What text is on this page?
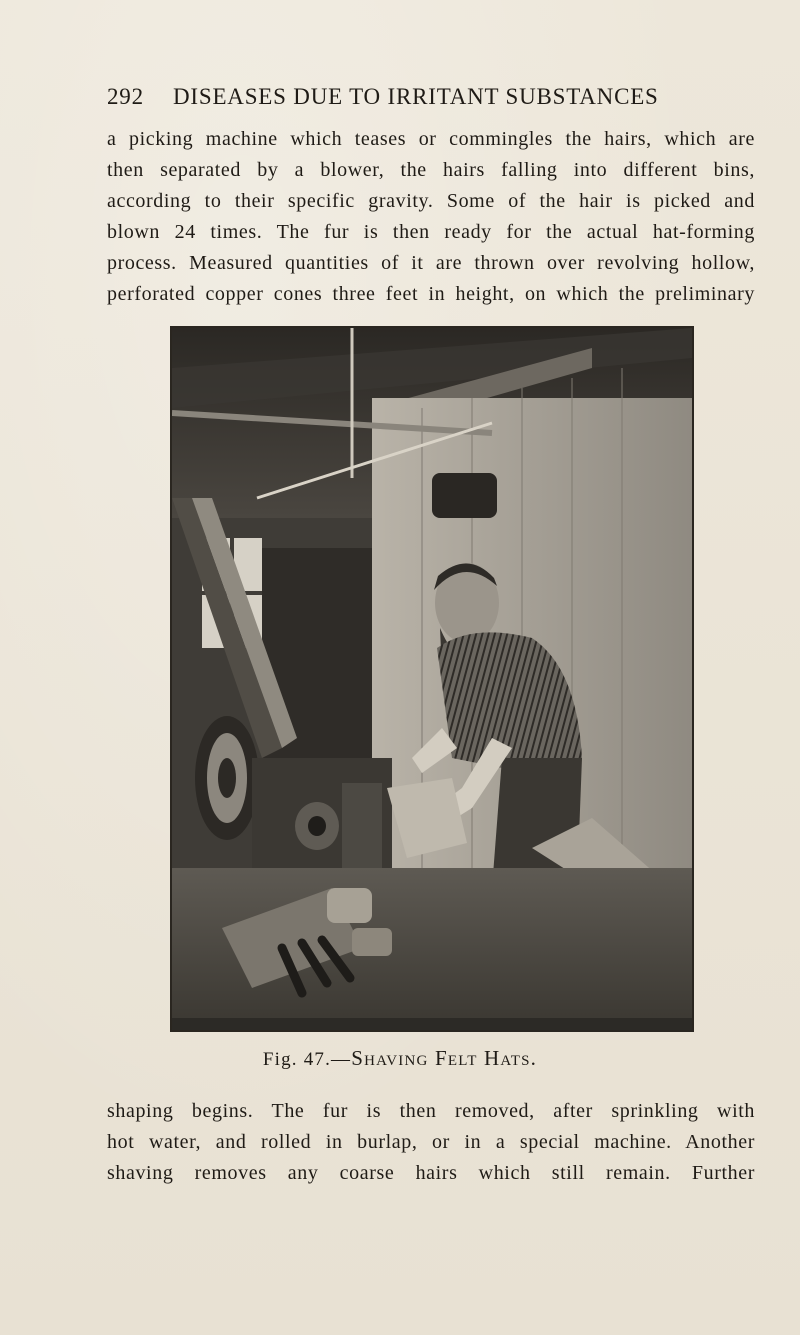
292 DISEASES DUE TO IRRITANT SUBSTANCES
a picking machine which teases or commingles the hairs, which are
then separated by a blower, the hairs falling into different bins,
according to their specific gravity. Some of the hair is picked and
blown 24 times. The fur is then ready for the actual hat-forming
process. Measured quantities of it are thrown over revolving hollow,
perforated copper cones three feet in height, on which the preliminary
Fig. 47.—Shaving Felt Hats.
shaping begins. The fur is then removed, after sprinkling with
hot water, and rolled in burlap, or in a special machine. Another
shaving removes any coarse hairs which still remain. Further
